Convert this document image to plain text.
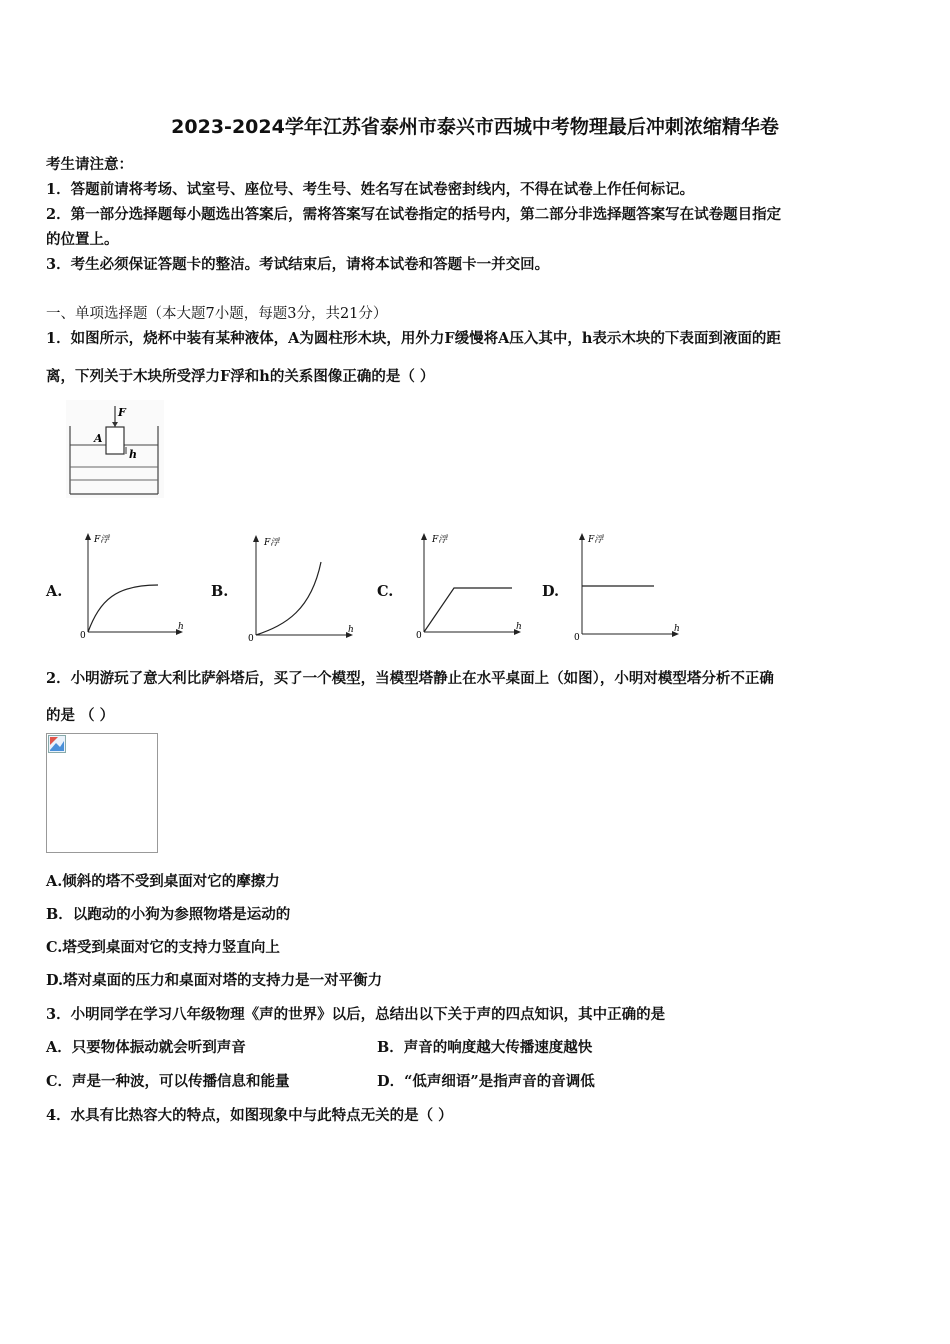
2023-2024学年江苏省泰州市泰兴市西城中考物理最后冲刺浓缩精华卷
考生请注意：
1．答题前请将考场、试室号、座位号、考生号、姓名写在试卷密封线内，不得在试卷上作任何标记。
2．第一部分选择题每小题选出答案后，需将答案写在试卷指定的括号内，第二部分非选择题答案写在试卷题目指定
的位置上。
3．考生必须保证答题卡的整洁。考试结束后，请将本试卷和答题卡一并交回。
一、单项选择题（本大题7小题，每题3分，共21分）
1．如图所示，烧杯中装有某种液体，A为圆柱形木块，用外力F缓慢将A压入其中，h表示木块的下表面到液面的距
离，下列关于木块所受浮力F浮和h的关系图像正确的是（ ）
F
A
h
A.	B.	C.	D.
F浮
h
0
F浮
h
0
F浮
h
0
F浮
h
0
2．小明游玩了意大利比萨斜塔后，买了一个模型，当模型塔静止在水平桌面上（如图），小明对模型塔分析不正确
的是 （ ）
A.倾斜的塔不受到桌面对它的摩擦力
B．以跑动的小狗为参照物塔是运动的
C.塔受到桌面对它的支持力竖直向上
D.塔对桌面的压力和桌面对塔的支持力是一对平衡力
3．小明同学在学习八年级物理《声的世界》以后，总结出以下关于声的四点知识，其中正确的是
A．只要物体振动就会听到声音	B．声音的响度越大传播速度越快
C．声是一种波，可以传播信息和能量	D．“低声细语”是指声音的音调低
4．水具有比热容大的特点，如图现象中与此特点无关的是（ ）
